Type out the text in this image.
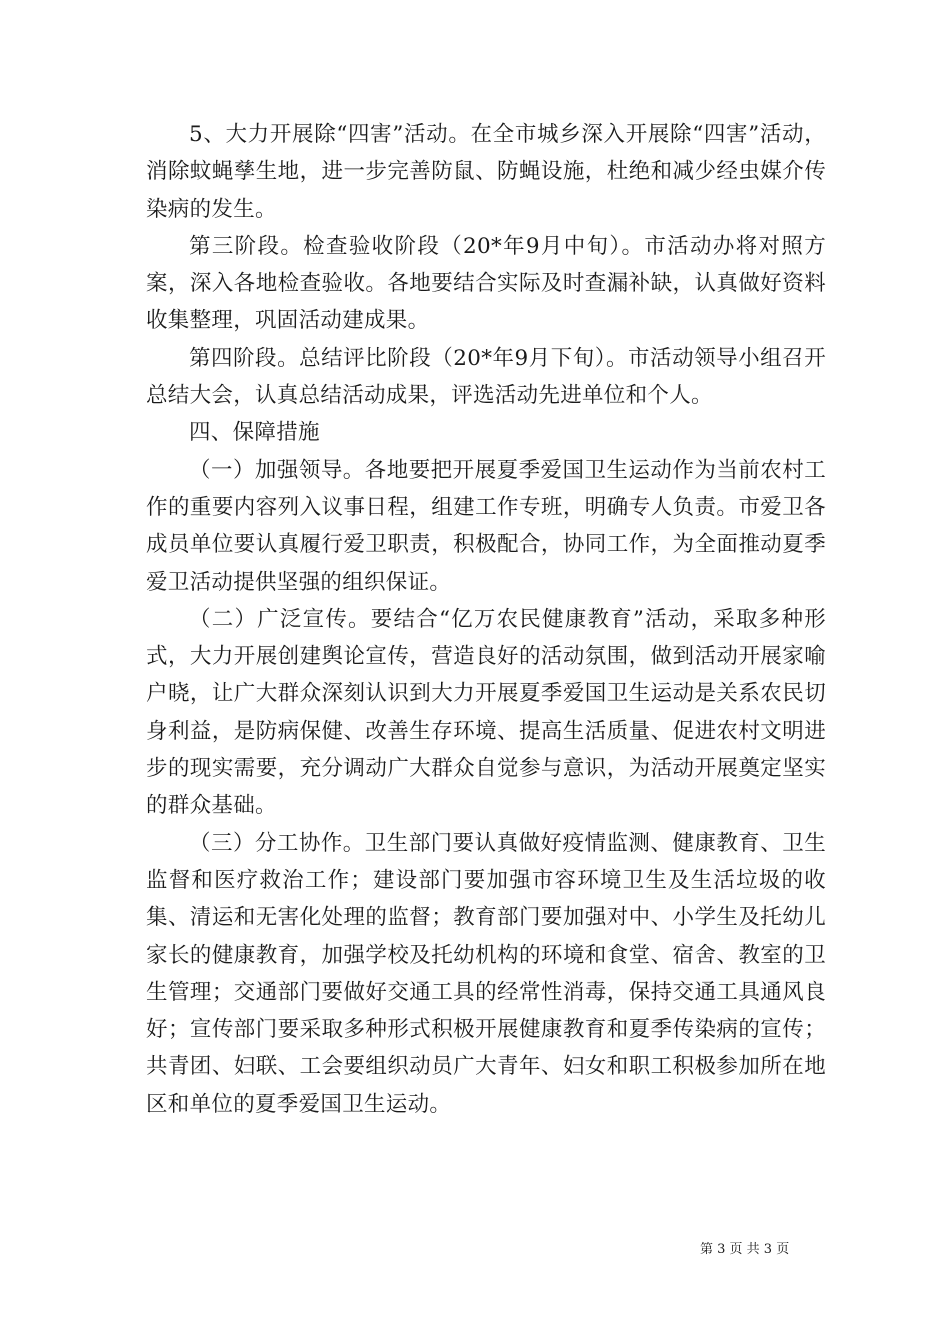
5、大力开展除“四害”活动。在全市城乡深入开展除“四害”活动，消除蚊蝇孳生地，进一步完善防鼠、防蝇设施，杜绝和减少经虫媒介传染病的发生。

第三阶段。检查验收阶段（20*年9月中旬）。市活动办将对照方案，深入各地检查验收。各地要结合实际及时查漏补缺，认真做好资料收集整理，巩固活动建成果。

第四阶段。总结评比阶段（20*年9月下旬）。市活动领导小组召开总结大会，认真总结活动成果，评选活动先进单位和个人。

四、保障措施

（一）加强领导。各地要把开展夏季爱国卫生运动作为当前农村工作的重要内容列入议事日程，组建工作专班，明确专人负责。市爱卫各成员单位要认真履行爱卫职责，积极配合，协同工作，为全面推动夏季爱卫活动提供坚强的组织保证。

（二）广泛宣传。要结合“亿万农民健康教育”活动，采取多种形式，大力开展创建舆论宣传，营造良好的活动氛围，做到活动开展家喻户晓，让广大群众深刻认识到大力开展夏季爱国卫生运动是关系农民切身利益，是防病保健、改善生存环境、提高生活质量、促进农村文明进步的现实需要，充分调动广大群众自觉参与意识，为活动开展奠定坚实的群众基础。

（三）分工协作。卫生部门要认真做好疫情监测、健康教育、卫生监督和医疗救治工作；建设部门要加强市容环境卫生及生活垃圾的收集、清运和无害化处理的监督；教育部门要加强对中、小学生及托幼儿家长的健康教育，加强学校及托幼机构的环境和食堂、宿舍、教室的卫生管理；交通部门要做好交通工具的经常性消毒，保持交通工具通风良好；宣传部门要采取多种形式积极开展健康教育和夏季传染病的宣传；共青团、妇联、工会要组织动员广大青年、妇女和职工积极参加所在地区和单位的夏季爱国卫生运动。

第 3 页 共 3 页
